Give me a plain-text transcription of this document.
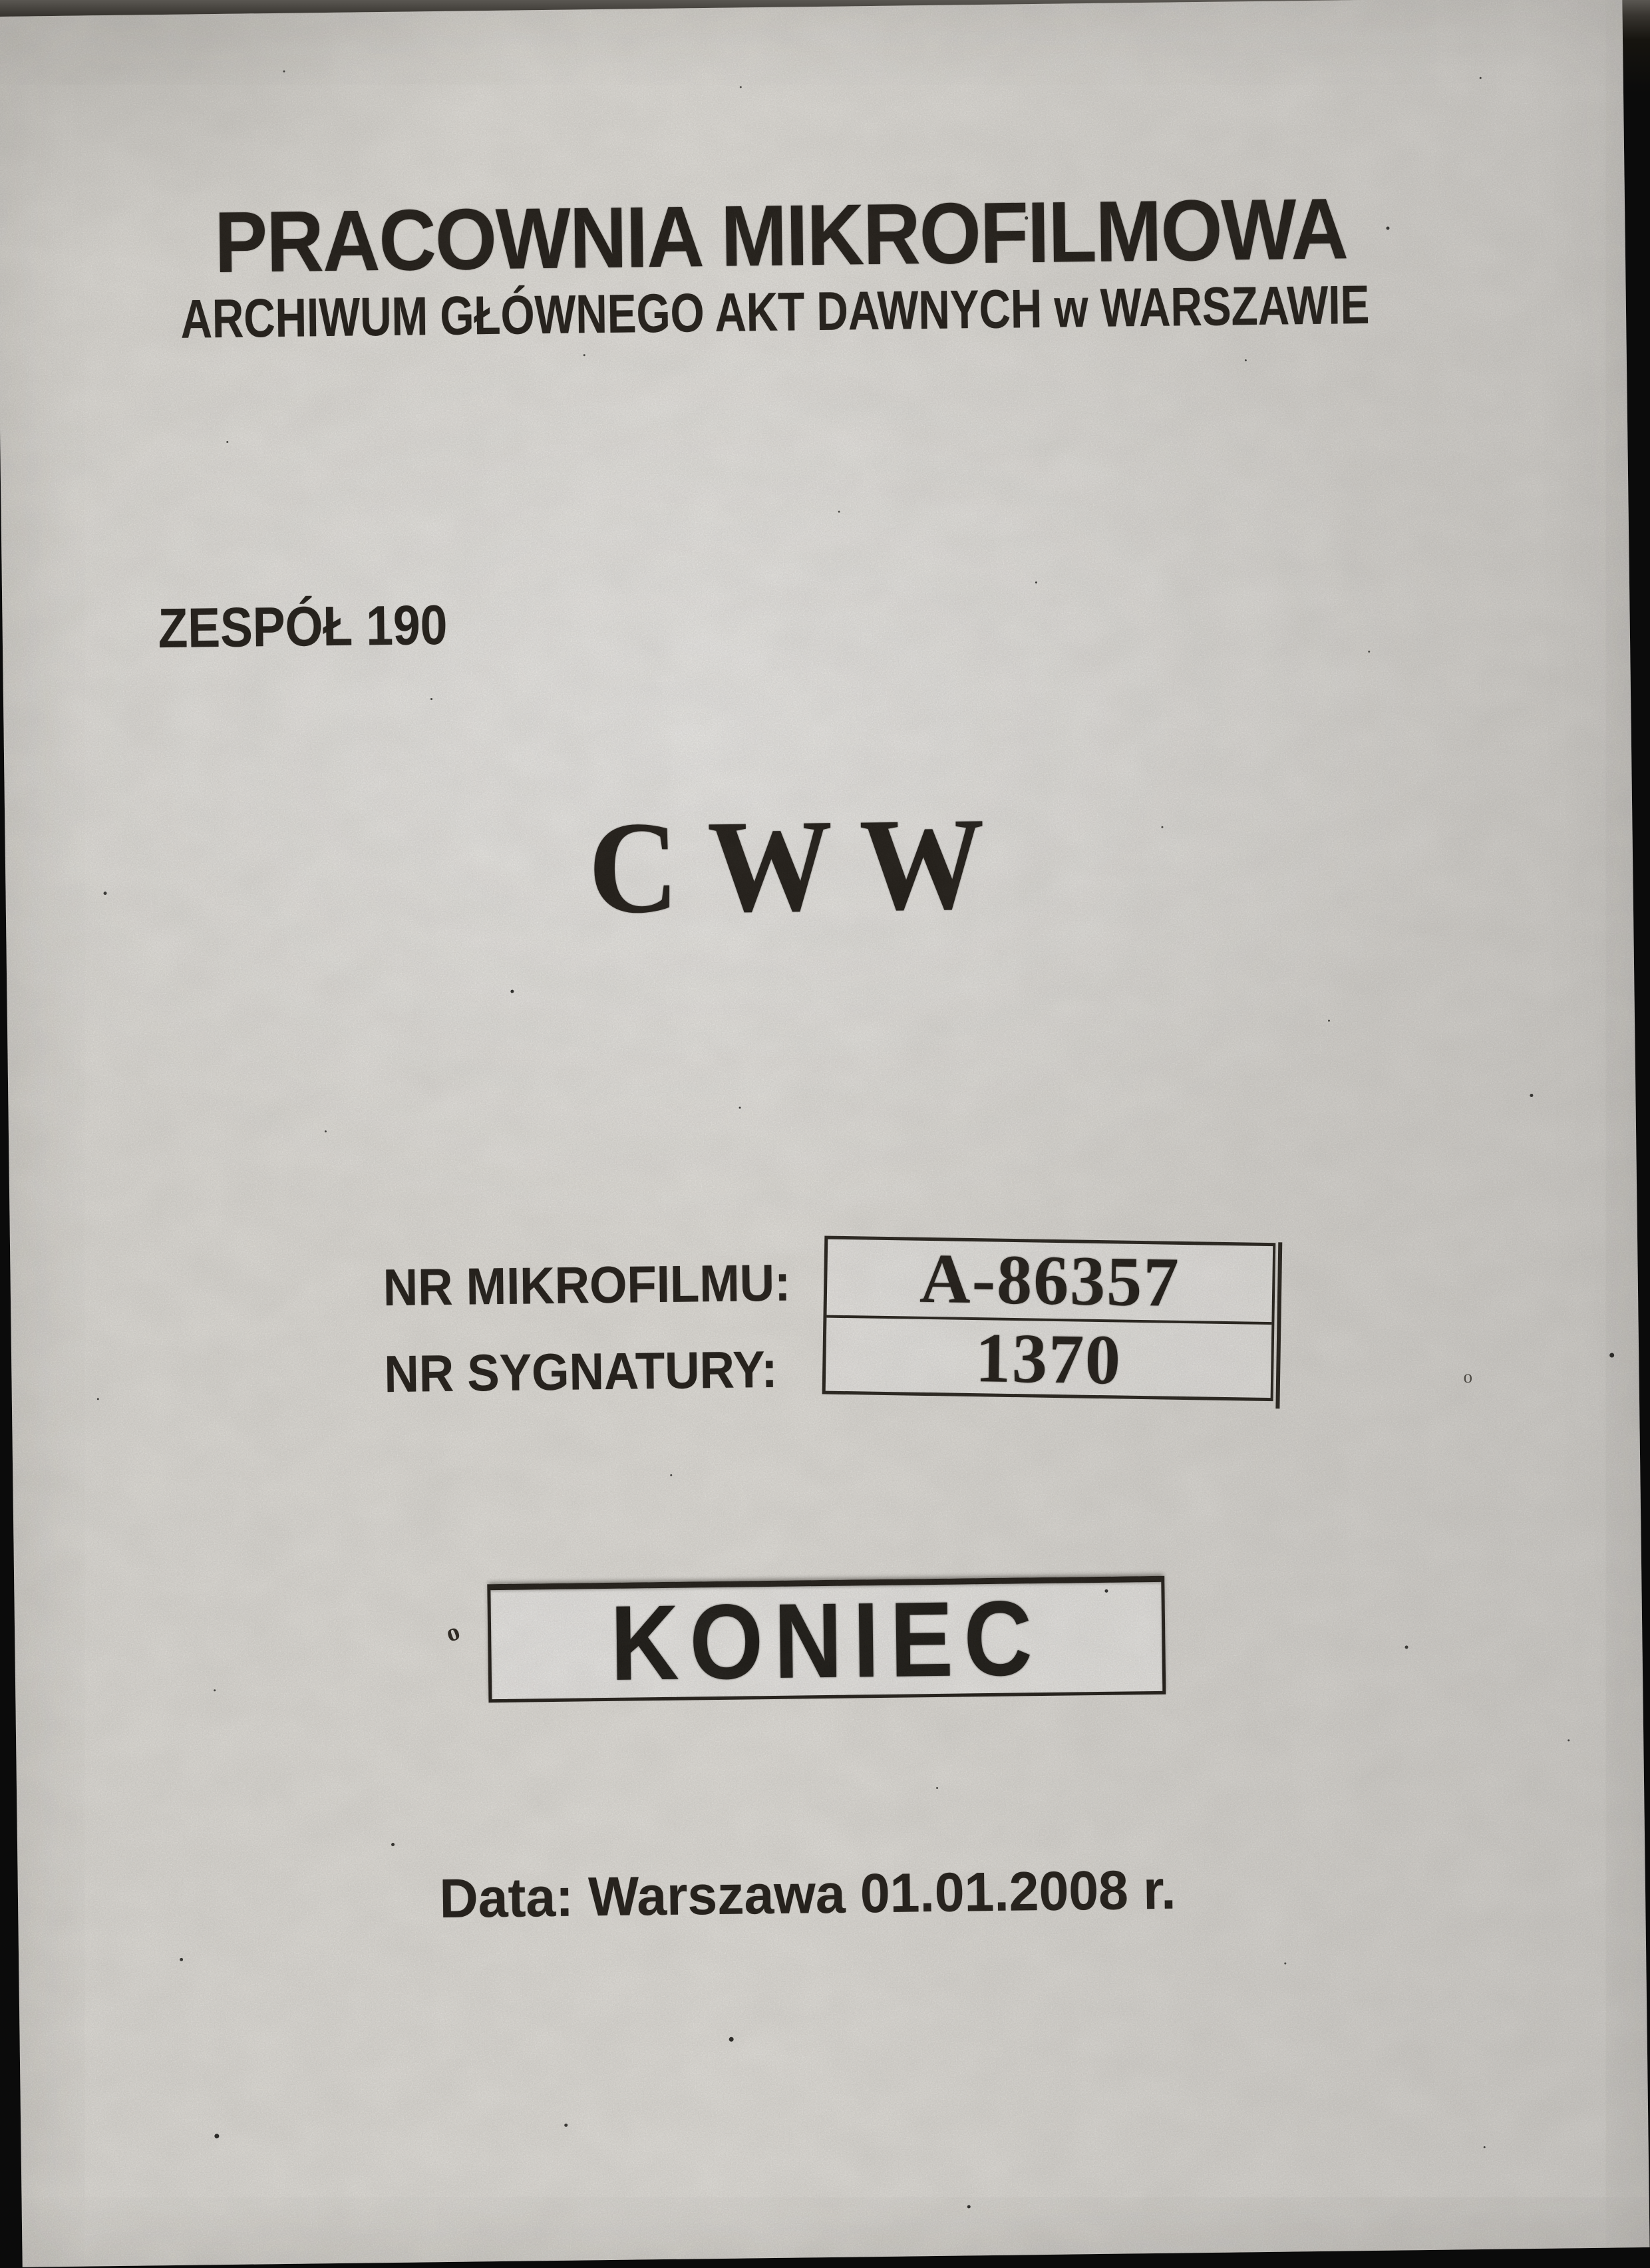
PRACOWNIA MIKROFILMOWA
ARCHIWUM GŁÓWNEGO AKT DAWNYCH w WARSZAWIE
ZESPÓŁ 190
C W W
NR MIKROFILMU:
NR SYGNATURY:
A-86357
1370
KONIEC
Data: Warszawa 01.01.2008 r.
o
o
